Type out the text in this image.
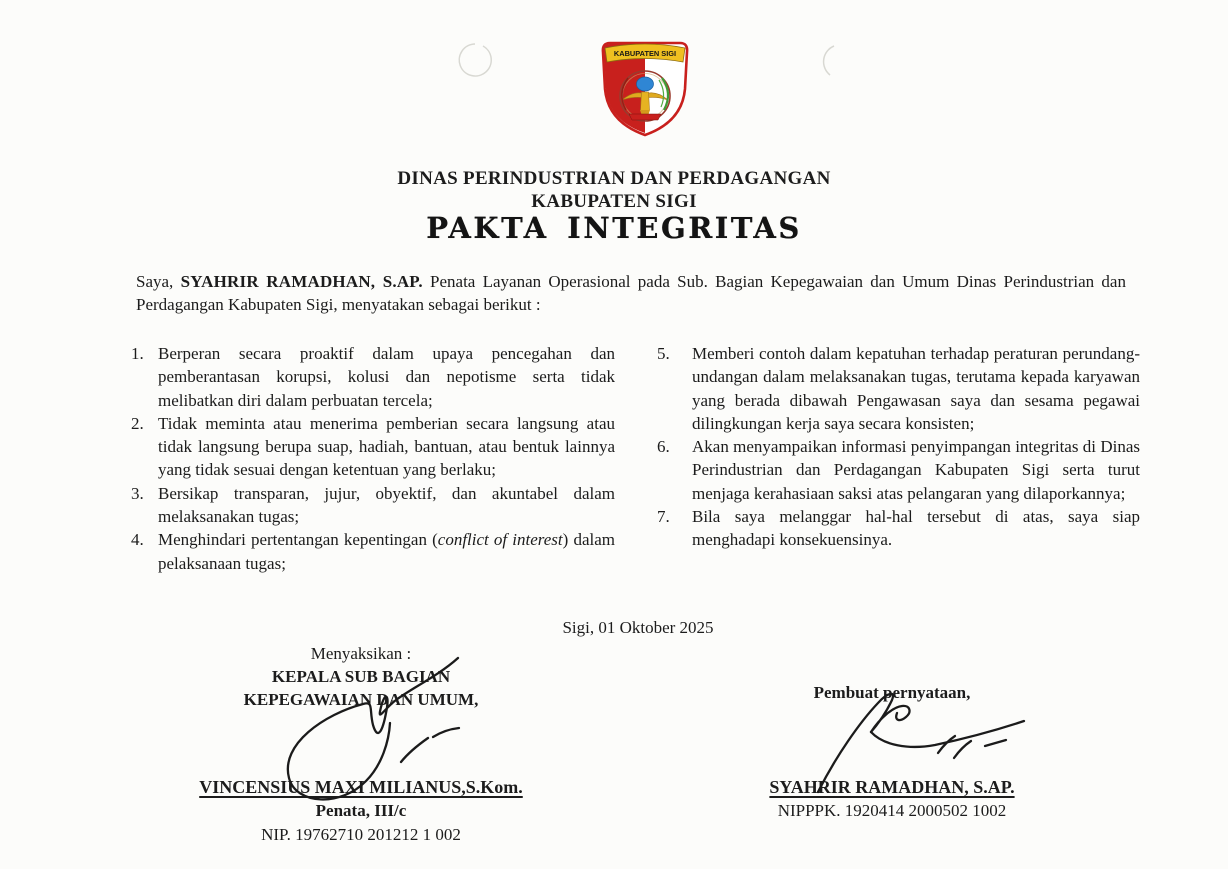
KABUPATEN SIGI
DINAS PERINDUSTRIAN DAN PERDAGANGAN
KABUPATEN SIGI
PAKTA INTEGRITAS
Saya, SYAHRIR RAMADHAN, S.AP. Penata Layanan Operasional pada Sub. Bagian Kepegawaian dan Umum Dinas Perindustrian dan Perdagangan Kabupaten Sigi, menyatakan sebagai berikut :
1. Berperan secara proaktif dalam upaya pencegahan dan pemberantasan korupsi, kolusi dan nepotisme serta tidak melibatkan diri dalam perbuatan tercela;
2. Tidak meminta atau menerima pemberian secara langsung atau tidak langsung berupa suap, hadiah, bantuan, atau bentuk lainnya yang tidak sesuai dengan ketentuan yang berlaku;
3. Bersikap transparan, jujur, obyektif, dan akuntabel dalam melaksanakan tugas;
4. Menghindari pertentangan kepentingan (conflict of interest) dalam pelaksanaan tugas;
5.	Memberi contoh dalam kepatuhan terhadap peraturan perundang-undangan dalam melaksanakan tugas, terutama kepada karyawan yang berada dibawah Pengawasan saya dan sesama pegawai dilingkungan kerja saya secara konsisten;
6.	Akan menyampaikan informasi penyimpangan integritas di Dinas Perindustrian dan Perdagangan Kabupaten Sigi serta turut menjaga kerahasiaan saksi atas pelangaran yang dilaporkannya;
7.	Bila saya melanggar hal-hal tersebut di atas, saya siap menghadapi konsekuensinya.
Sigi, 01 Oktober 2025
Menyaksikan :
KEPALA SUB BAGIAN
KEPEGAWAIAN DAN UMUM,
VINCENSIUS MAXI MILIANUS,S.Kom.
Penata, III/c
NIP. 19762710 201212 1 002
Pembuat pernyataan,
SYAHRIR RAMADHAN, S.AP.
NIPPPK. 1920414 2000502 1002
